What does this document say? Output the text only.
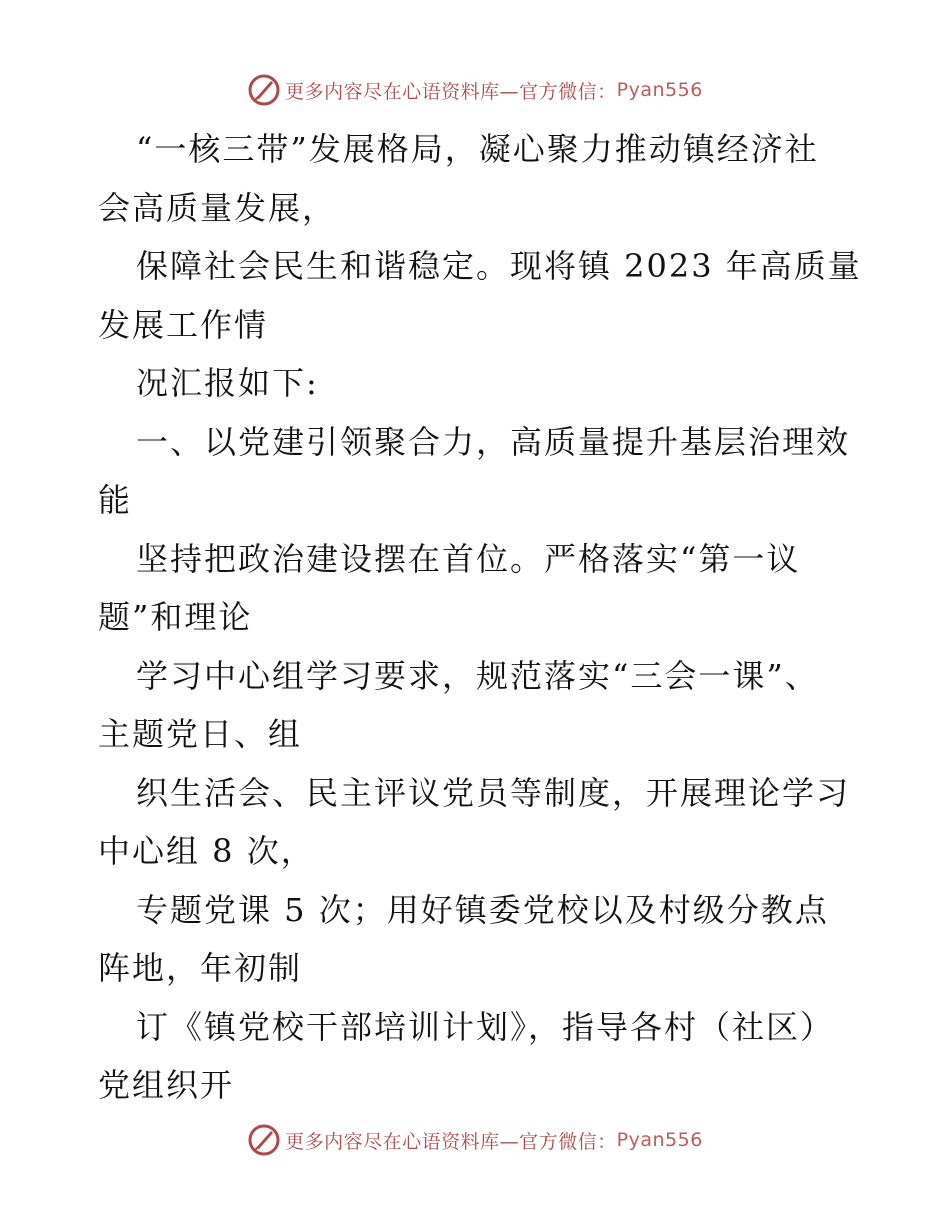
更多内容尽在心语资料库—官方微信： Pyan556
“一核三带”发展格局，凝心聚力推动镇经济社
会高质量发展，
保障社会民生和谐稳定。现将镇 2023 年高质量
发展工作情
况汇报如下:
一、以党建引领聚合力，高质量提升基层治理效
能
坚持把政治建设摆在首位。严格落实“第一议
题”和理论
学习中心组学习要求，规范落实“三会一课”、
主题党日、组
织生活会、民主评议党员等制度，开展理论学习
中心组 8 次，
专题党课 5 次；用好镇委党校以及村级分教点
阵地，年初制
订《镇党校干部培训计划》，指导各村（社区）
党组织开
更多内容尽在心语资料库—官方微信： Pyan556
